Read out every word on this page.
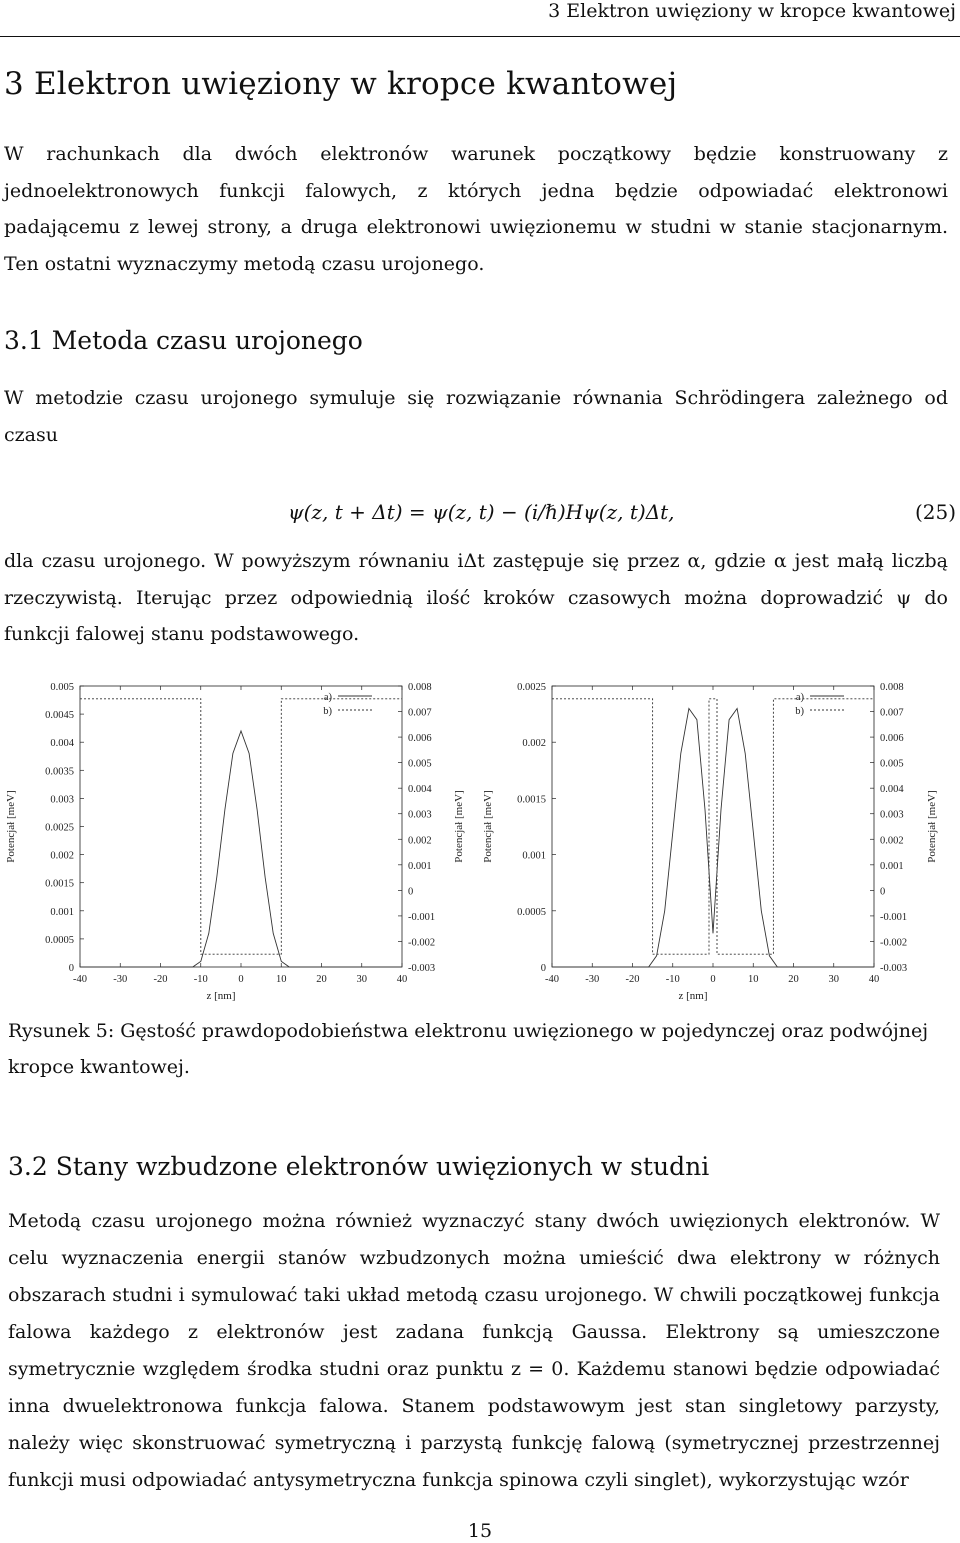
3 Elektron uwięziony w kropce kwantowej
3 Elektron uwięziony w kropce kwantowej
W rachunkach dla dwóch elektronów warunek początkowy będzie konstruowany z jednoelektronowych funkcji falowych, z których jedna będzie odpowiadać elektronowi padającemu z lewej strony, a druga elektronowi uwięzionemu w studni w stanie stacjonarnym. Ten ostatni wyznaczymy metodą czasu urojonego.
3.1 Metoda czasu urojonego
W metodzie czasu urojonego symuluje się rozwiązanie równania Schrödingera zależnego od czasu
ψ(z, t + Δt) = ψ(z, t) − (i/ℏ)Hψ(z, t)Δt,	(25)
dla czasu urojonego. W powyższym równaniu iΔt zastępuje się przez α, gdzie α jest małą liczbą rzeczywistą. Iterując przez odpowiednią ilość kroków czasowych można doprowadzić ψ do funkcji falowej stanu podstawowego.
-40	-30	-20	-10	0	10	20	30	40
0
0.0005
0.001
0.0015
0.002
0.0025
0.003
0.0035
0.004
0.0045
0.005
-0.003
-0.002
-0.001
0
0.001
0.002
0.003
0.004
0.005
0.006
0.007
0.008
z [nm]
Potencjał [meV]
Potencjał [meV]
a)
b)
-40	-30	-20	-10	0	10	20	30	40
0
0.0005
0.001
0.0015
0.002
0.0025
-0.003
-0.002
-0.001
0
0.001
0.002
0.003
0.004
0.005
0.006
0.007
0.008
z [nm]
Potencjał [meV]
Potencjał [meV]
a)
b)
Rysunek 5: Gęstość prawdopodobieństwa elektronu uwięzionego w pojedynczej oraz podwójnej kropce kwantowej.
3.2 Stany wzbudzone elektronów uwięzionych w studni
Metodą czasu urojonego można również wyznaczyć stany dwóch uwięzionych elektronów. W celu wyznaczenia energii stanów wzbudzonych można umieścić dwa elektrony w różnych obszarach studni i symulować taki układ metodą czasu urojonego. W chwili początkowej funkcja falowa każdego z elektronów jest zadana funkcją Gaussa. Elektrony są umieszczone symetrycznie względem środka studni oraz punktu z = 0. Każdemu stanowi będzie odpowiadać inna dwuelektronowa funkcja falowa. Stanem podstawowym jest stan singletowy parzysty, należy więc skonstruować symetryczną i parzystą funkcję falową (symetrycznej przestrzennej funkcji musi odpowiadać antysymetryczna funkcja spinowa czyli singlet), wykorzystując wzór
15
